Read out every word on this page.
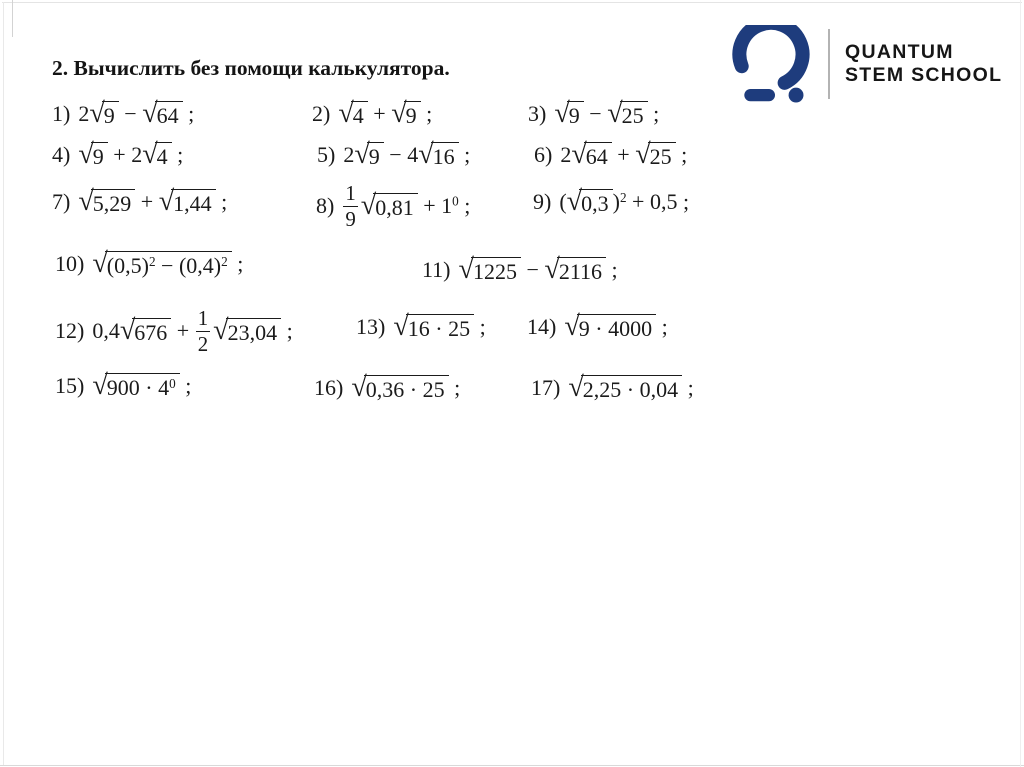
QUANTUM
STEM SCHOOL
2. Вычислить без помощи калькулятора.
1) 2√9 − √64 ;	2) √4 + √9 ;	3) √9 − √25 ;
4) √9 + 2√4 ;	5) 2√9 − 4√16 ;	6) 2√64 + √25 ;
7) √5,29 + √1,44 ;	$8) \frac{1}{9} √0,81 + 1^0$ ;	9) (√0,3 )$^2$ + 0,5 ;
10) $√(0,5)^2 - (0,4)^2$ ;	11) √1225 − √2116 ;
12) $0,4√676 + \frac{1}{2} √23,04$ ;	13) √16 · 25 ; 14) √9 · 4000 ;
15) $√900 \cdot 4^0$ ;	16) √0,36 · 25 ;	17) √2,25 · 0,04 ;
